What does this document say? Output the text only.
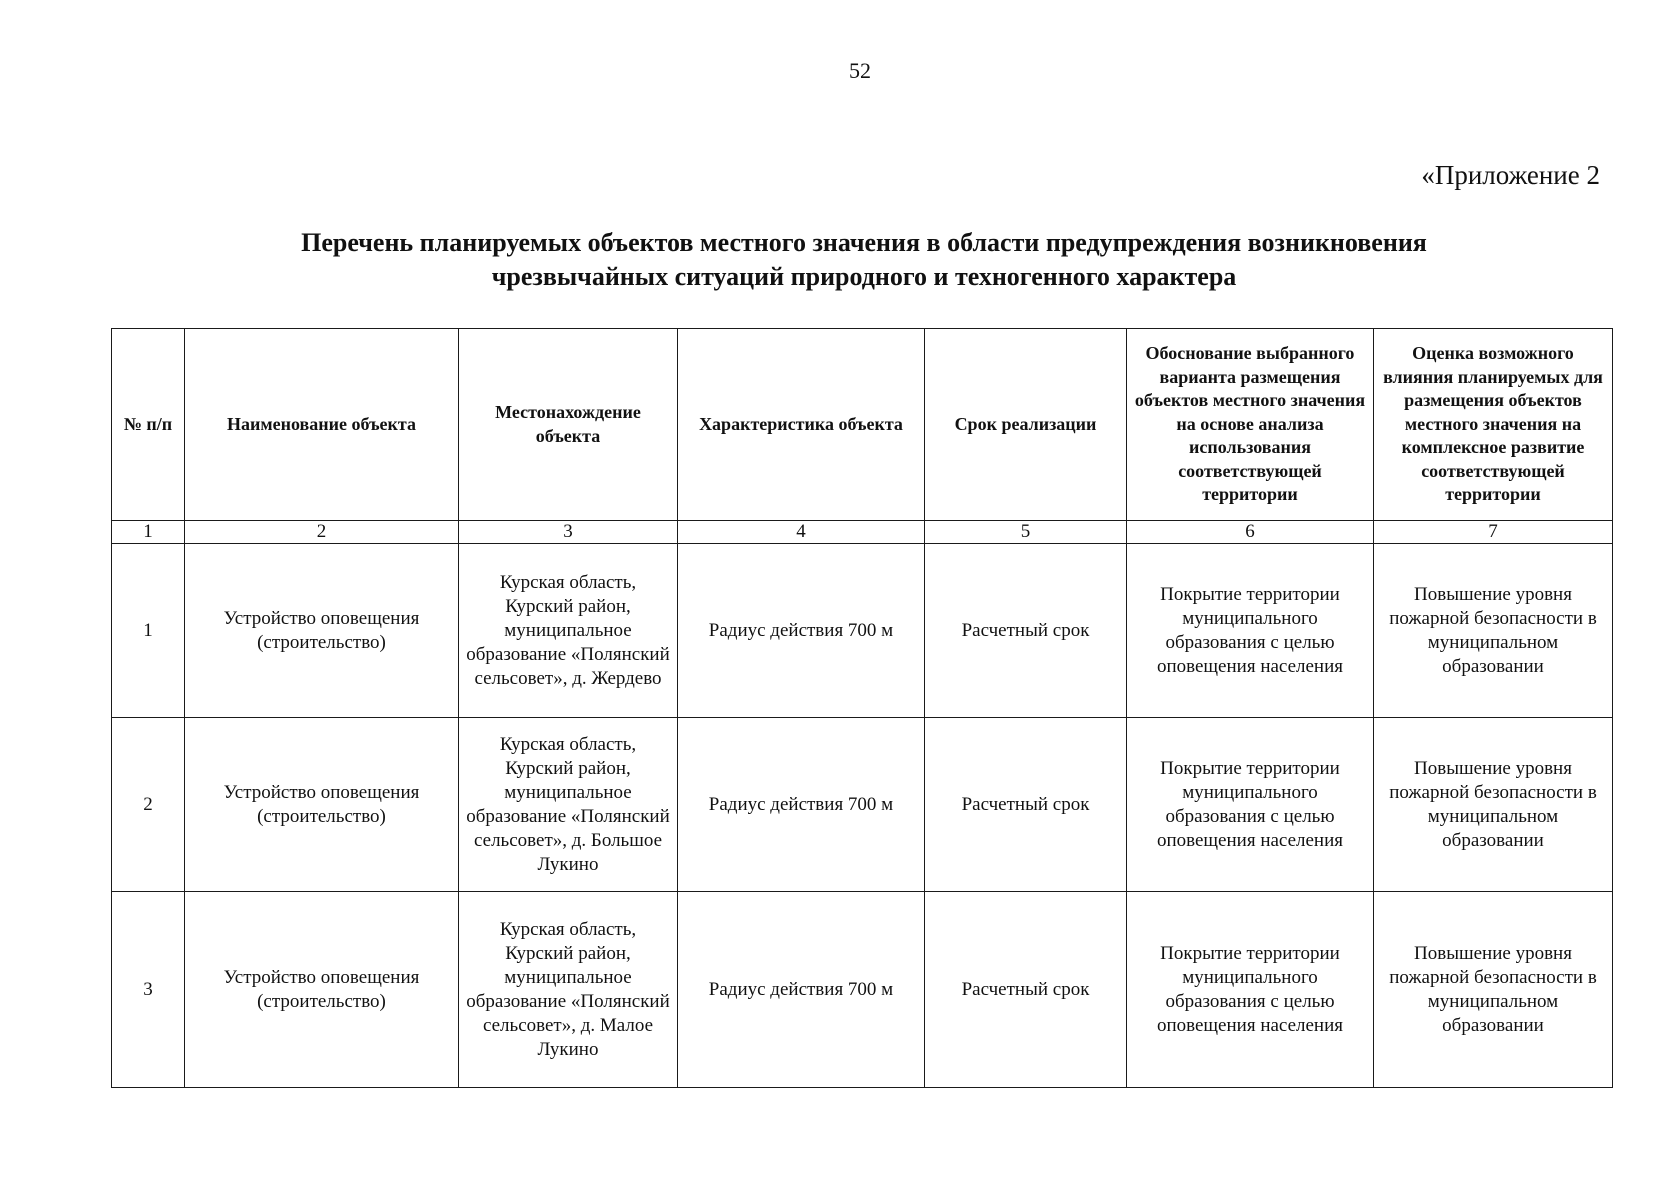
52
«Приложение 2
Перечень планируемых объектов местного значения в области предупреждения возникновения
чрезвычайных ситуаций природного и техногенного характера
№ п/п	Наименование объекта	Местонахождение объекта	Характеристика объекта	Срок реализации	Обоснование выбранного варианта размещения объектов местного значения на основе анализа использования соответствующей территории	Оценка возможного влияния планируемых для размещения объектов местного значения на комплексное развитие соответствующей территории
1	2	3	4	5	6	7
1	Устройство оповещения (строительство)	Курская область, Курский район, муниципальное образование «Полянский сельсовет», д. Жердево	Радиус действия 700 м	Расчетный срок	Покрытие территории муниципального образования с целью оповещения населения	Повышение уровня пожарной безопасности в муниципальном образовании
2	Устройство оповещения (строительство)	Курская область, Курский район, муниципальное образование «Полянский сельсовет», д. Большое Лукино	Радиус действия 700 м	Расчетный срок	Покрытие территории муниципального образования с целью оповещения населения	Повышение уровня пожарной безопасности в муниципальном образовании
3	Устройство оповещения (строительство)	Курская область, Курский район, муниципальное образование «Полянский сельсовет», д. Малое Лукино	Радиус действия 700 м	Расчетный срок	Покрытие территории муниципального образования с целью оповещения населения	Повышение уровня пожарной безопасности в муниципальном образовании
